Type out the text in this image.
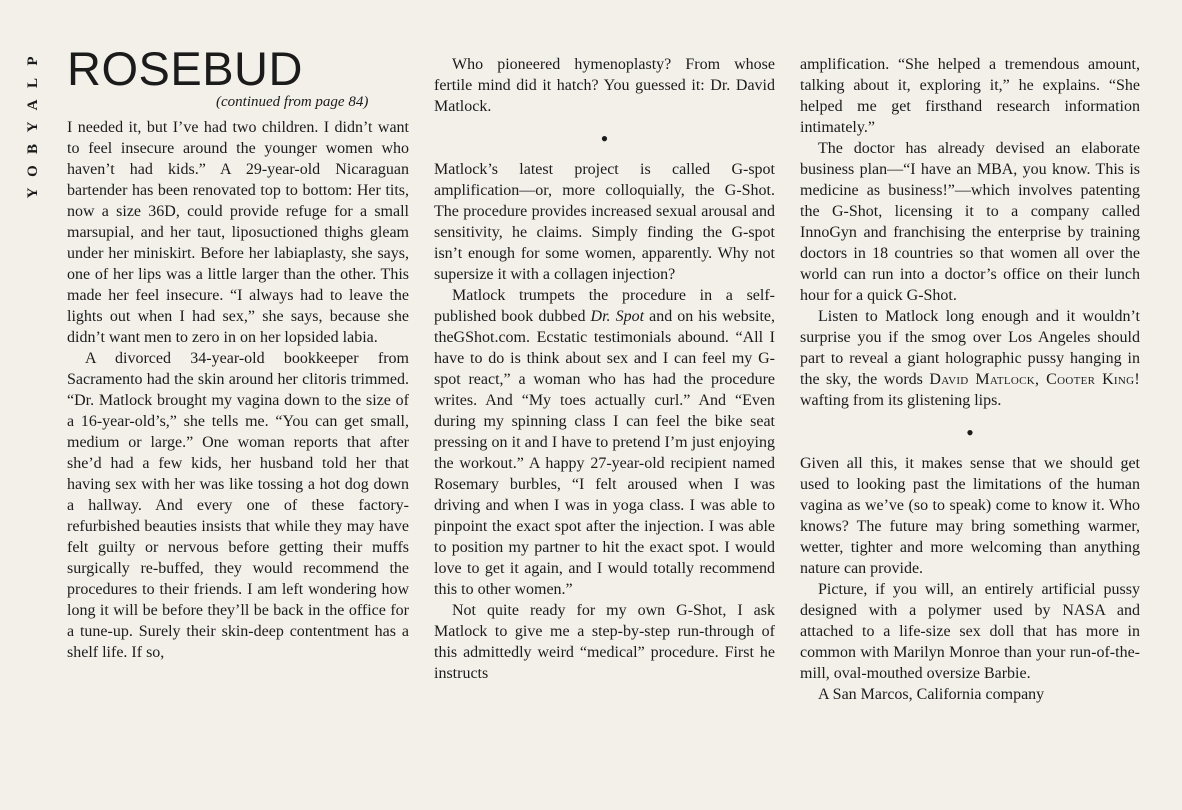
P
L
A
Y
B
O
Y
ROSEBUD
(continued from page 84)

I needed it, but I’ve had two children. I didn’t want to feel insecure around the younger women who haven’t had kids.” A 29-year-old Nicaraguan bartender has been renovated top to bottom: Her tits, now a size 36D, could provide refuge for a small marsupial, and her taut, liposuctioned thighs gleam under her miniskirt. Before her labiaplasty, she says, one of her lips was a little larger than the other. This made her feel insecure. “I always had to leave the lights out when I had sex,” she says, because she didn’t want men to zero in on her lopsided labia.

A divorced 34-year-old bookkeeper from Sacramento had the skin around her clitoris trimmed. “Dr. Matlock brought my vagina down to the size of a 16-year-old’s,” she tells me. “You can get small, medium or large.” One woman reports that after she’d had a few kids, her husband told her that having sex with her was like tossing a hot dog down a hallway. And every one of these factory-refurbished beauties insists that while they may have felt guilty or nervous before getting their muffs surgically re-buffed, they would recommend the procedures to their friends. I am left wondering how long it will be before they’ll be back in the office for a tune-up. Surely their skin-deep contentment has a shelf life. If so,

Who pioneered hymenoplasty? From whose fertile mind did it hatch? You guessed it: Dr. David Matlock.

•

Matlock’s latest project is called G-spot amplification—or, more colloquially, the G-Shot. The procedure provides increased sexual arousal and sensitivity, he claims. Simply finding the G-spot isn’t enough for some women, apparently. Why not supersize it with a collagen injection?

Matlock trumpets the procedure in a self-published book dubbed Dr. Spot and on his website, theGShot.com. Ecstatic testimonials abound. “All I have to do is think about sex and I can feel my G-spot react,” a woman who has had the procedure writes. And “My toes actually curl.” And “Even during my spinning class I can feel the bike seat pressing on it and I have to pretend I’m just enjoying the workout.” A happy 27-year-old recipient named Rosemary burbles, “I felt aroused when I was driving and when I was in yoga class. I was able to pinpoint the exact spot after the injection. I was able to position my partner to hit the exact spot. I would love to get it again, and I would totally recommend this to other women.”

Not quite ready for my own G-Shot, I ask Matlock to give me a step-by-step run-through of this admittedly weird “medical” procedure. First he instructs

amplification. “She helped a tremendous amount, talking about it, exploring it,” he explains. “She helped me get firsthand research information intimately.”

The doctor has already devised an elaborate business plan—“I have an MBA, you know. This is medicine as business!”—which involves patenting the G-Shot, licensing it to a company called InnoGyn and franchising the enterprise by training doctors in 18 countries so that women all over the world can run into a doctor’s office on their lunch hour for a quick G-Shot.

Listen to Matlock long enough and it wouldn’t surprise you if the smog over Los Angeles should part to reveal a giant holographic pussy hanging in the sky, the words David Matlock, Cooter King! wafting from its glistening lips.

•

Given all this, it makes sense that we should get used to looking past the limitations of the human vagina as we’ve (so to speak) come to know it. Who knows? The future may bring something warmer, wetter, tighter and more welcoming than anything nature can provide.

Picture, if you will, an entirely artificial pussy designed with a polymer used by NASA and attached to a life-size sex doll that has more in common with Marilyn Monroe than your run-of-the-mill, oval-mouthed oversize Barbie.

A San Marcos, California company
